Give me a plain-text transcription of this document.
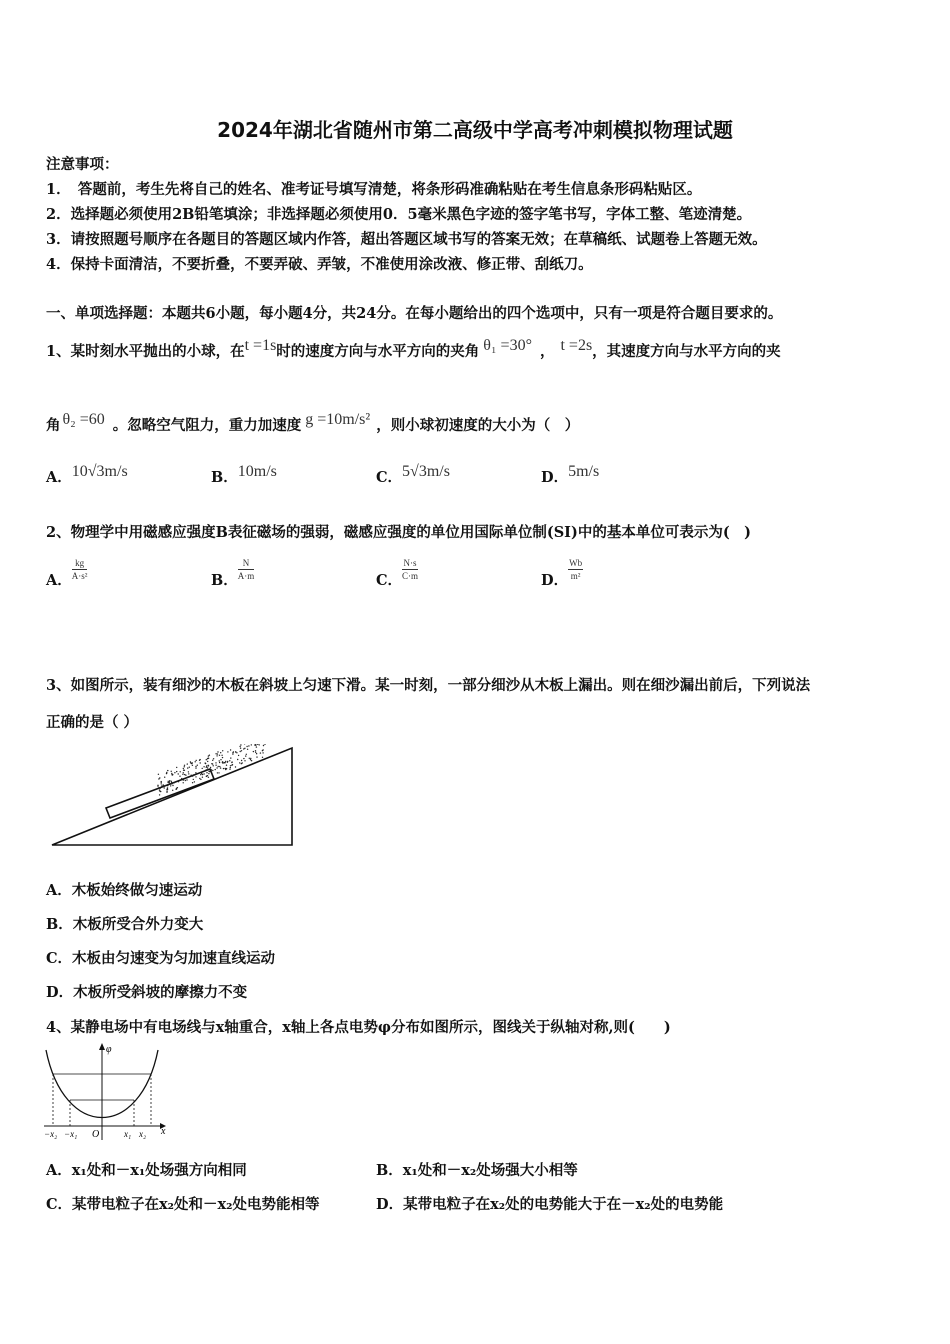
2024年湖北省随州市第二高级中学高考冲刺模拟物理试题
注意事项：
1．　答题前，考生先将自己的姓名、准考证号填写清楚，将条形码准确粘贴在考生信息条形码粘贴区。
2．选择题必须使用2B铅笔填涂；非选择题必须使用0．5毫米黑色字迹的签字笔书写，字体工整、笔迹清楚。
3．请按照题号顺序在各题目的答题区域内作答，超出答题区域书写的答案无效；在草稿纸、试题卷上答题无效。
4．保持卡面清洁，不要折叠，不要弄破、弄皱，不准使用涂改液、修正带、刮纸刀。
一、单项选择题：本题共6小题，每小题4分，共24分。在每小题给出的四个选项中，只有一项是符合题目要求的。
1、某时刻水平抛出的小球，在t =1s时的速度方向与水平方向的夹角 θ₁ =30° ， t =2s，其速度方向与水平方向的夹
角 θ₂ =60 。忽略空气阻力，重力加速度 g =10m/s² ，则小球初速度的大小为（　）
A．10√3m/s	B．10m/s	C．5√3m/s	D．5m/s
2、物理学中用磁感应强度B表征磁场的强弱，磁感应强度的单位用国际单位制(SI)中的基本单位可表示为(　)
A． $\frac{kg}{\text{A·s²}}$	B． $\frac{N}{A\cdot m}$	C． $\frac{N\cdot s}{C\cdot m}$	D． $\frac{Wb}{\text{m²}}$
3、如图所示，装有细沙的木板在斜坡上匀速下滑。某一时刻，一部分细沙从木板上漏出。则在细沙漏出前后，下列说法
正确的是（ ）
A．木板始终做匀速运动
B．木板所受合外力变大
C．木板由匀速变为匀加速直线运动
D．木板所受斜坡的摩擦力不变
4、某静电场中有电场线与x轴重合，x轴上各点电势φ分布如图所示，图线关于纵轴对称,则(　　)
φ
x
O
−x₂ −x₁	x₁ x₂
A．x₁处和－x₁处场强方向相同	B．x₁处和－x₂处场强大小相等
C．某带电粒子在x₂处和－x₂处电势能相等	D．某带电粒子在x₂处的电势能大于在－x₂处的电势能
